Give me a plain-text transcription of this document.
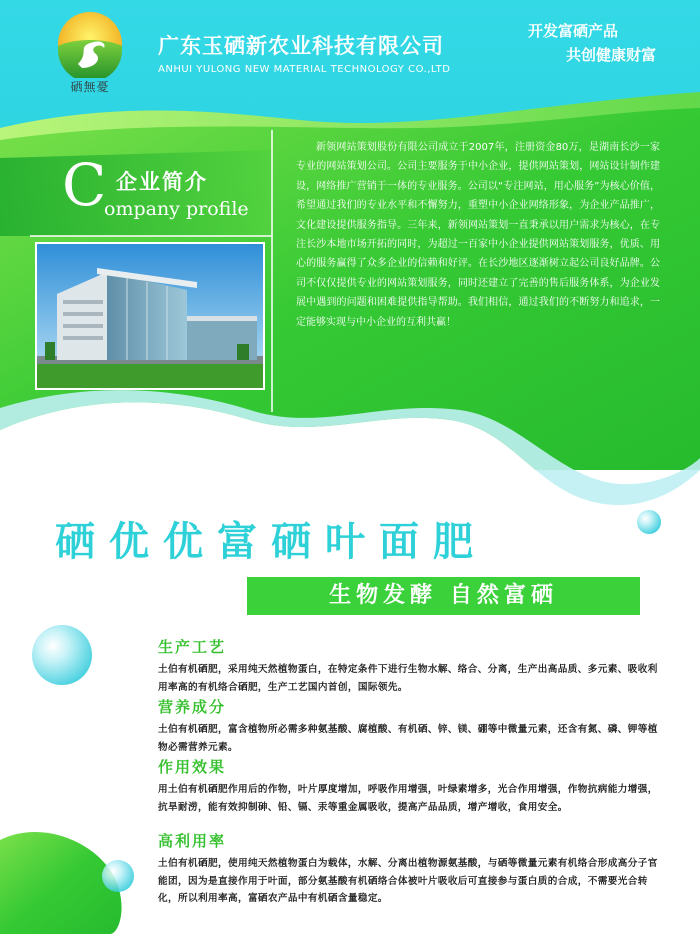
硒無憂
广东玉硒新农业科技有限公司
ANHUI YULONG NEW MATERIAL TECHNOLOGY CO.,LTD
开发富硒产品
共创健康财富
C 企业简介
ompany profile

新领网站策划股份有限公司成立于2007年，注册资金80万，是湖南长沙一家专业的网站策划公司。公司主要服务于中小企业，提供网站策划，网站设计制作建设，网络推广营销于一体的专业服务。公司以“专注网站，用心服务”为核心价值，希望通过我们的专业水平和不懈努力，重塑中小企业网络形象，为企业产品推广，文化建设提供服务指导。三年来，新领网站策划一直秉承以用户需求为核心，在专注长沙本地市场开拓的同时，为超过一百家中小企业提供网站策划服务，优质、用心的服务赢得了众多企业的信赖和好评。在长沙地区逐渐树立起公司良好品牌。公司不仅仅提供专业的网站策划服务，同时还建立了完善的售后服务体系，为企业发展中遇到的问题和困难提供指导帮助。我们相信，通过我们的不断努力和追求，一定能够实现与中小企业的互利共赢！

硒优优富硒叶面肥
生物发酵 自然富硒
生产工艺

土伯有机硒肥，采用纯天然植物蛋白，在特定条件下进行生物水解、络合、分离，生产出高品质、多元素、吸收利用率高的有机络合硒肥，生产工艺国内首创，国际领先。

营养成分

土伯有机硒肥，富含植物所必需多种氨基酸、腐植酸、有机硒、锌、镁、硼等中微量元素，还含有氮、磷、钾等植物必需营养元素。

作用效果

用土伯有机硒肥作用后的作物，叶片厚度增加，呼吸作用增强，叶绿素增多，光合作用增强，作物抗病能力增强，抗旱耐涝，能有效抑制砷、铅、镉、汞等重金属吸收，提高产品品质，增产增收，食用安全。

高利用率

土伯有机硒肥，使用纯天然植物蛋白为载体，水解、分离出植物源氨基酸，与硒等微量元素有机络合形成高分子官能团，因为是直接作用于叶面，部分氨基酸有机硒络合体被叶片吸收后可直接参与蛋白质的合成，不需要光合转化，所以利用率高，富硒农产品中有机硒含量稳定。
